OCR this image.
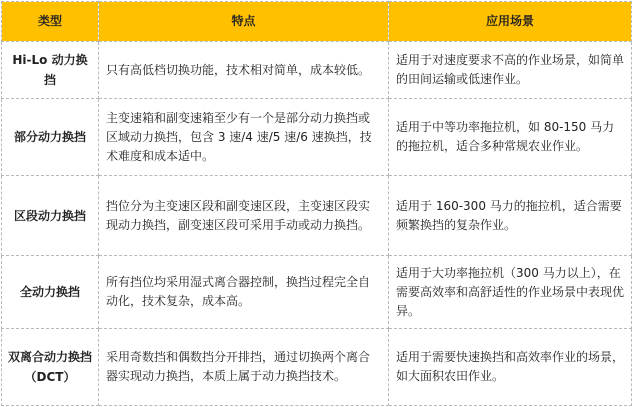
类型	特点	应用场景
Hi-Lo 动力换挡	只有高低档切换功能，技术相对简单，成本较低。	适用于对速度要求不高的作业场景，如简单的田间运输或低速作业。
部分动力换挡	主变速箱和副变速箱至少有一个是部分动力换挡或区域动力换挡，包含 3 速/4 速/5 速/6 速换挡，技术难度和成本适中。	适用于中等功率拖拉机，如 80-150 马力的拖拉机，适合多种常规农业作业。
区段动力换挡	挡位分为主变速区段和副变速区段，主变速区段实现动力换挡，副变速区段可采用手动或动力换挡。	适用于 160-300 马力的拖拉机，适合需要频繁换挡的复杂作业。
全动力换挡	所有挡位均采用湿式离合器控制，换挡过程完全自动化，技术复杂，成本高。	适用于大功率拖拉机（300 马力以上），在需要高效率和高舒适性的作业场景中表现优异。
双离合动力换挡（DCT）	采用奇数挡和偶数挡分开排挡，通过切换两个离合器实现动力换挡，本质上属于动力换挡技术。	适用于需要快速换挡和高效率作业的场景，如大面积农田作业。
